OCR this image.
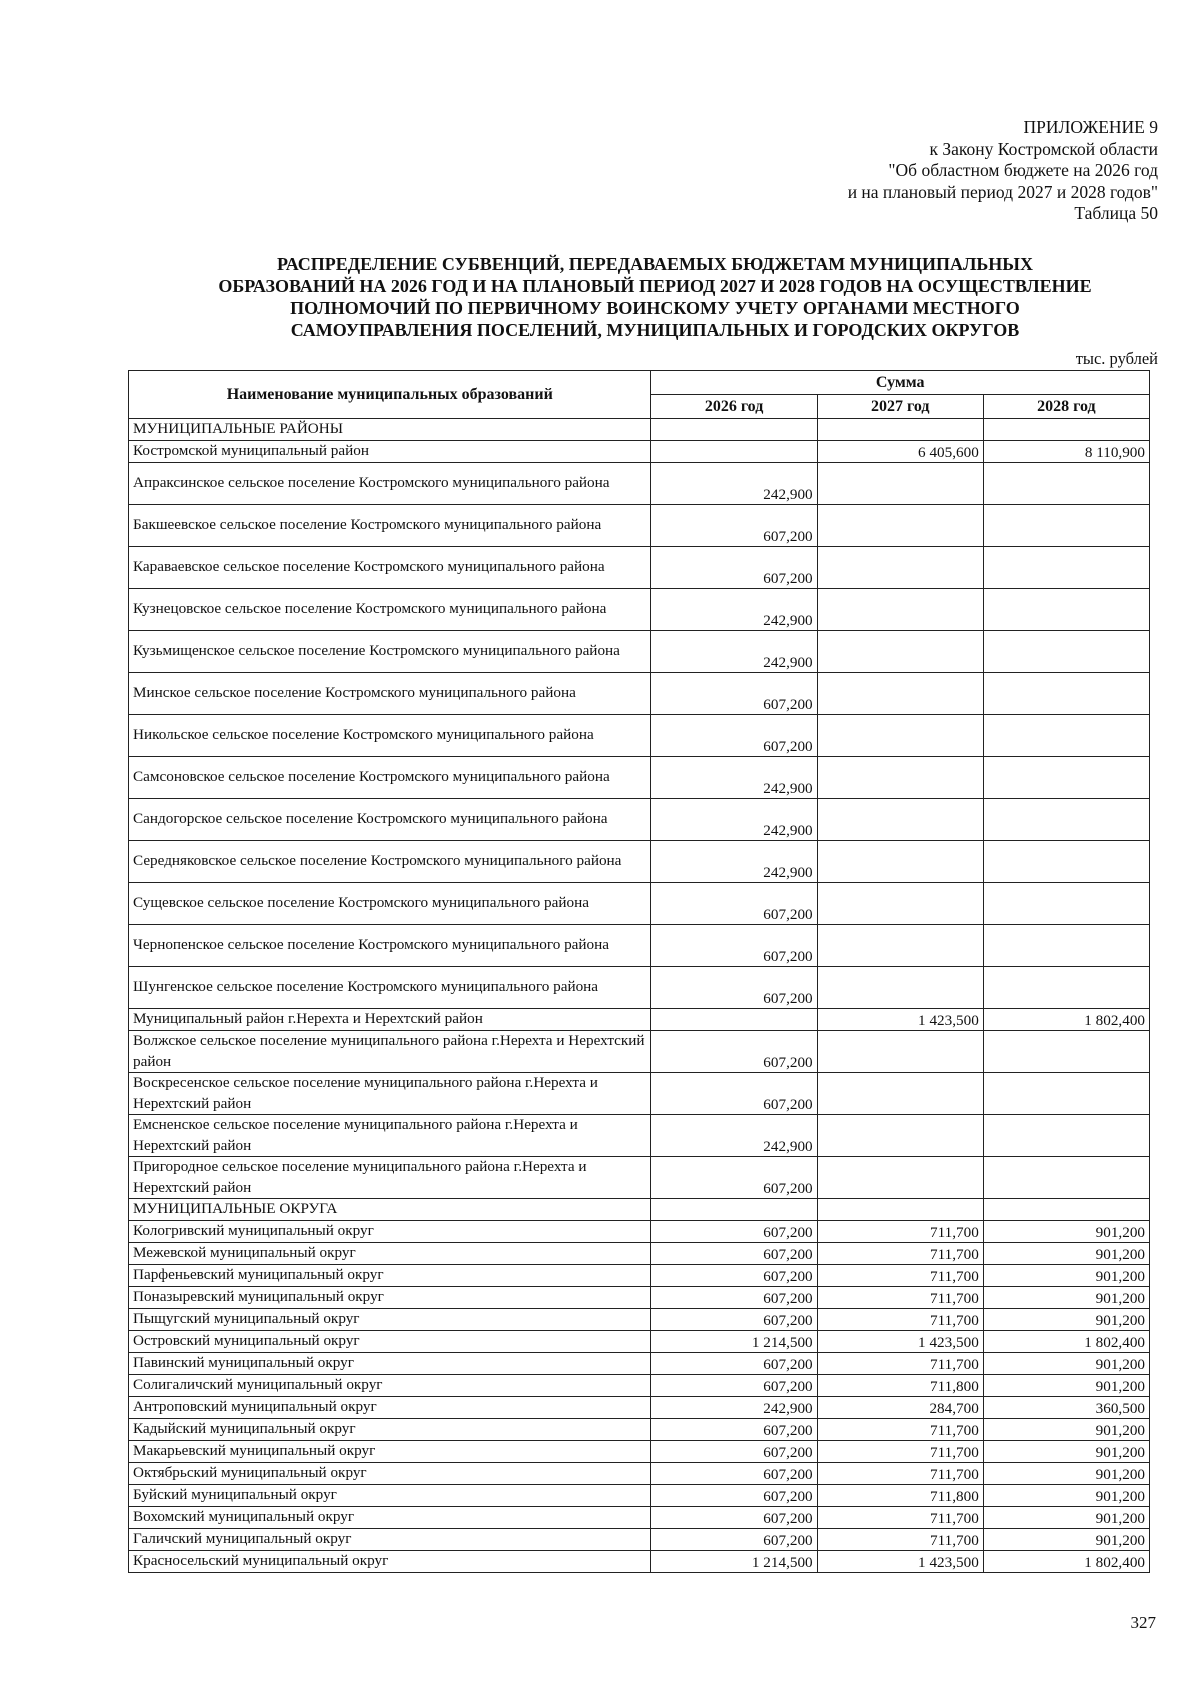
ПРИЛОЖЕНИЕ 9
к Закону Костромской области
"Об областном бюджете на 2026 год
и на плановый период 2027 и 2028 годов"
Таблица 50
РАСПРЕДЕЛЕНИЕ СУБВЕНЦИЙ, ПЕРЕДАВАЕМЫХ БЮДЖЕТАМ МУНИЦИПАЛЬНЫХ
ОБРАЗОВАНИЙ НА 2026 ГОД И НА ПЛАНОВЫЙ ПЕРИОД 2027 И 2028 ГОДОВ НА ОСУЩЕСТВЛЕНИЕ
ПОЛНОМОЧИЙ ПО ПЕРВИЧНОМУ ВОИНСКОМУ УЧЕТУ ОРГАНАМИ МЕСТНОГО
САМОУПРАВЛЕНИЯ ПОСЕЛЕНИЙ, МУНИЦИПАЛЬНЫХ И ГОРОДСКИХ ОКРУГОВ
тыс. рублей
Наименование муниципальных образований	Сумма		
	2026 год	2027 год	2028 год
МУНИЦИПАЛЬНЫЕ РАЙОНЫ			
Костромской муниципальный район		6 405,600	8 110,900
Апраксинское сельское поселение Костромского муниципального района	242,900		
Бакшеевское сельское поселение Костромского муниципального района	607,200		
Караваевское сельское поселение Костромского муниципального района	607,200		
Кузнецовское сельское поселение Костромского муниципального района	242,900		
Кузьмищенское сельское поселение Костромского муниципального района	242,900		
Минское сельское поселение Костромского муниципального района	607,200		
Никольское сельское поселение Костромского муниципального района	607,200		
Самсоновское сельское поселение Костромского муниципального района	242,900		
Сандогорское сельское поселение Костромского муниципального района	242,900		
Середняковское сельское поселение Костромского муниципального района	242,900		
Сущевское сельское поселение Костромского муниципального района	607,200		
Чернопенское сельское поселение Костромского муниципального района	607,200		
Шунгенское сельское поселение Костромского муниципального района	607,200		
Муниципальный район г.Нерехта и Нерехтский район		1 423,500	1 802,400
Волжское сельское поселение муниципального района г.Нерехта и Нерехтский район	607,200		
Воскресенское сельское поселение муниципального района г.Нерехта и Нерехтский район	607,200		
Емсненское сельское поселение муниципального района г.Нерехта и Нерехтский район	242,900		
Пригородное сельское поселение муниципального района г.Нерехта и Нерехтский район	607,200		
МУНИЦИПАЛЬНЫЕ ОКРУГА			
Кологривский муниципальный округ	607,200	711,700	901,200
Межевской муниципальный округ	607,200	711,700	901,200
Парфеньевский муниципальный округ	607,200	711,700	901,200
Поназыревский муниципальный округ	607,200	711,700	901,200
Пыщугский муниципальный округ	607,200	711,700	901,200
Островский муниципальный округ	1 214,500	1 423,500	1 802,400
Павинский муниципальный округ	607,200	711,700	901,200
Солигаличский муниципальный округ	607,200	711,800	901,200
Антроповский муниципальный округ	242,900	284,700	360,500
Кадыйский муниципальный округ	607,200	711,700	901,200
Макарьевский муниципальный округ	607,200	711,700	901,200
Октябрьский муниципальный округ	607,200	711,700	901,200
Буйский муниципальный округ	607,200	711,800	901,200
Вохомский муниципальный округ	607,200	711,700	901,200
Галичский муниципальный округ	607,200	711,700	901,200
Красносельский муниципальный округ	1 214,500	1 423,500	1 802,400
327
